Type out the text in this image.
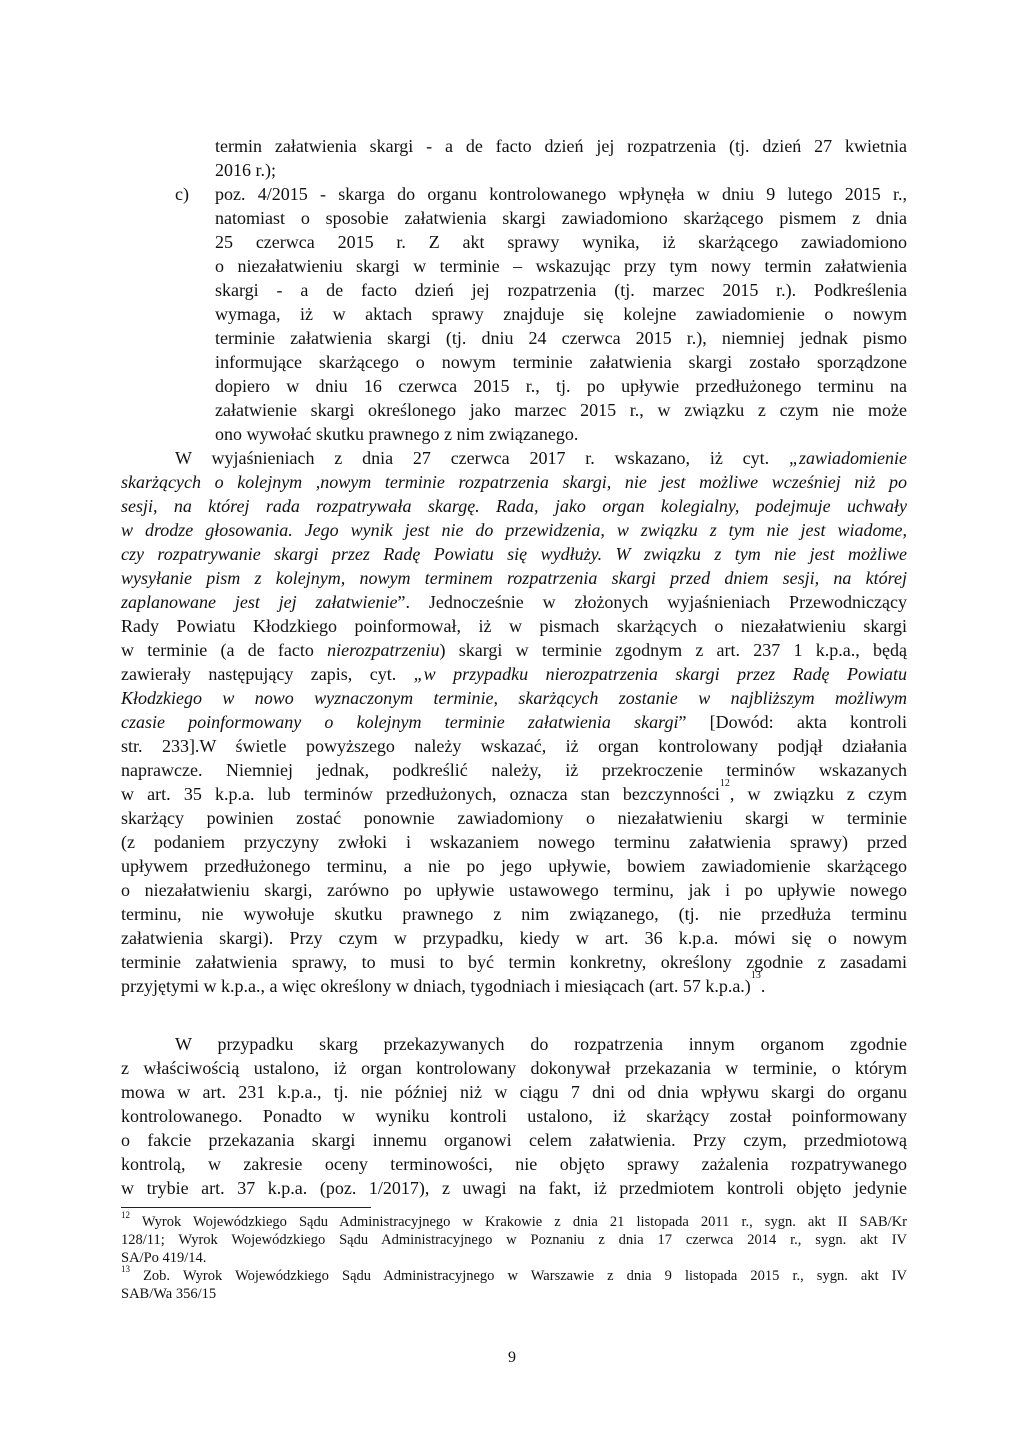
termin załatwienia skargi - a de facto dzień jej rozpatrzenia (tj. dzień 27 kwietnia
2016 r.);
c) poz. 4/2015 - skarga do organu kontrolowanego wpłynęła w dniu 9 lutego 2015 r.,
natomiast o sposobie załatwienia skargi zawiadomiono skarżącego pismem z dnia
25 czerwca 2015 r. Z akt sprawy wynika, iż skarżącego zawiadomiono
o niezałatwieniu skargi w terminie – wskazując przy tym nowy termin załatwienia
skargi - a de facto dzień jej rozpatrzenia (tj. marzec 2015 r.). Podkreślenia
wymaga, iż w aktach sprawy znajduje się kolejne zawiadomienie o nowym
terminie załatwienia skargi (tj. dniu 24 czerwca 2015 r.), niemniej jednak pismo
informujące skarżącego o nowym terminie załatwienia skargi zostało sporządzone
dopiero w dniu 16 czerwca 2015 r., tj. po upływie przedłużonego terminu na
załatwienie skargi określonego jako marzec 2015 r., w związku z czym nie może
ono wywołać skutku prawnego z nim związanego.
W wyjaśnieniach z dnia 27 czerwca 2017 r. wskazano, iż cyt. „zawiadomienie
skarżących o kolejnym ,nowym terminie rozpatrzenia skargi, nie jest możliwe wcześniej niż po
sesji, na której rada rozpatrywała skargę. Rada, jako organ kolegialny, podejmuje uchwały
w drodze głosowania. Jego wynik jest nie do przewidzenia, w związku z tym nie jest wiadome,
czy rozpatrywanie skargi przez Radę Powiatu się wydłuży. W związku z tym nie jest możliwe
wysyłanie pism z kolejnym, nowym terminem rozpatrzenia skargi przed dniem sesji, na której
zaplanowane jest jej załatwienie”. Jednocześnie w złożonych wyjaśnieniach Przewodniczący
Rady Powiatu Kłodzkiego poinformował, iż w pismach skarżących o niezałatwieniu skargi
w terminie (a de facto nierozpatrzeniu) skargi w terminie zgodnym z art. 237 1 k.p.a., będą
zawierały następujący zapis, cyt. „w przypadku nierozpatrzenia skargi przez Radę Powiatu
Kłodzkiego w nowo wyznaczonym terminie, skarżących zostanie w najbliższym możliwym
czasie poinformowany o kolejnym terminie załatwienia skargi” [Dowód: akta kontroli
str. 233].W świetle powyższego należy wskazać, iż organ kontrolowany podjął działania
naprawcze. Niemniej jednak, podkreślić należy, iż przekroczenie terminów wskazanych
w art. 35 k.p.a. lub terminów przedłużonych, oznacza stan bezczynności$^{12}$, w związku z czym
skarżący powinien zostać ponownie zawiadomiony o niezałatwieniu skargi w terminie
(z podaniem przyczyny zwłoki i wskazaniem nowego terminu załatwienia sprawy) przed
upływem przedłużonego terminu, a nie po jego upływie, bowiem zawiadomienie skarżącego
o niezałatwieniu skargi, zarówno po upływie ustawowego terminu, jak i po upływie nowego
terminu, nie wywołuje skutku prawnego z nim związanego, (tj. nie przedłuża terminu
załatwienia skargi). Przy czym w przypadku, kiedy w art. 36 k.p.a. mówi się o nowym
terminie załatwienia sprawy, to musi to być termin konkretny, określony zgodnie z zasadami
przyjętymi w k.p.a., a więc określony w dniach, tygodniach i miesiącach (art. 57 k.p.a.)$^{13}$.
W przypadku skarg przekazywanych do rozpatrzenia innym organom zgodnie
z właściwością ustalono, iż organ kontrolowany dokonywał przekazania w terminie, o którym
mowa w art. 231 k.p.a., tj. nie później niż w ciągu 7 dni od dnia wpływu skargi do organu
kontrolowanego. Ponadto w wyniku kontroli ustalono, iż skarżący został poinformowany
o fakcie przekazania skargi innemu organowi celem załatwienia. Przy czym, przedmiotową
kontrolą, w zakresie oceny terminowości, nie objęto sprawy zażalenia rozpatrywanego
w trybie art. 37 k.p.a. (poz. 1/2017), z uwagi na fakt, iż przedmiotem kontroli objęto jedynie
$^{12}$ Wyrok Wojewódzkiego Sądu Administracyjnego w Krakowie z dnia 21 listopada 2011 r., sygn. akt II SAB/Kr
128/11; Wyrok Wojewódzkiego Sądu Administracyjnego w Poznaniu z dnia 17 czerwca 2014 r., sygn. akt IV
SA/Po 419/14.
$^{13}$ Zob. Wyrok Wojewódzkiego Sądu Administracyjnego w Warszawie z dnia 9 listopada 2015 r., sygn. akt IV
SAB/Wa 356/15
9
